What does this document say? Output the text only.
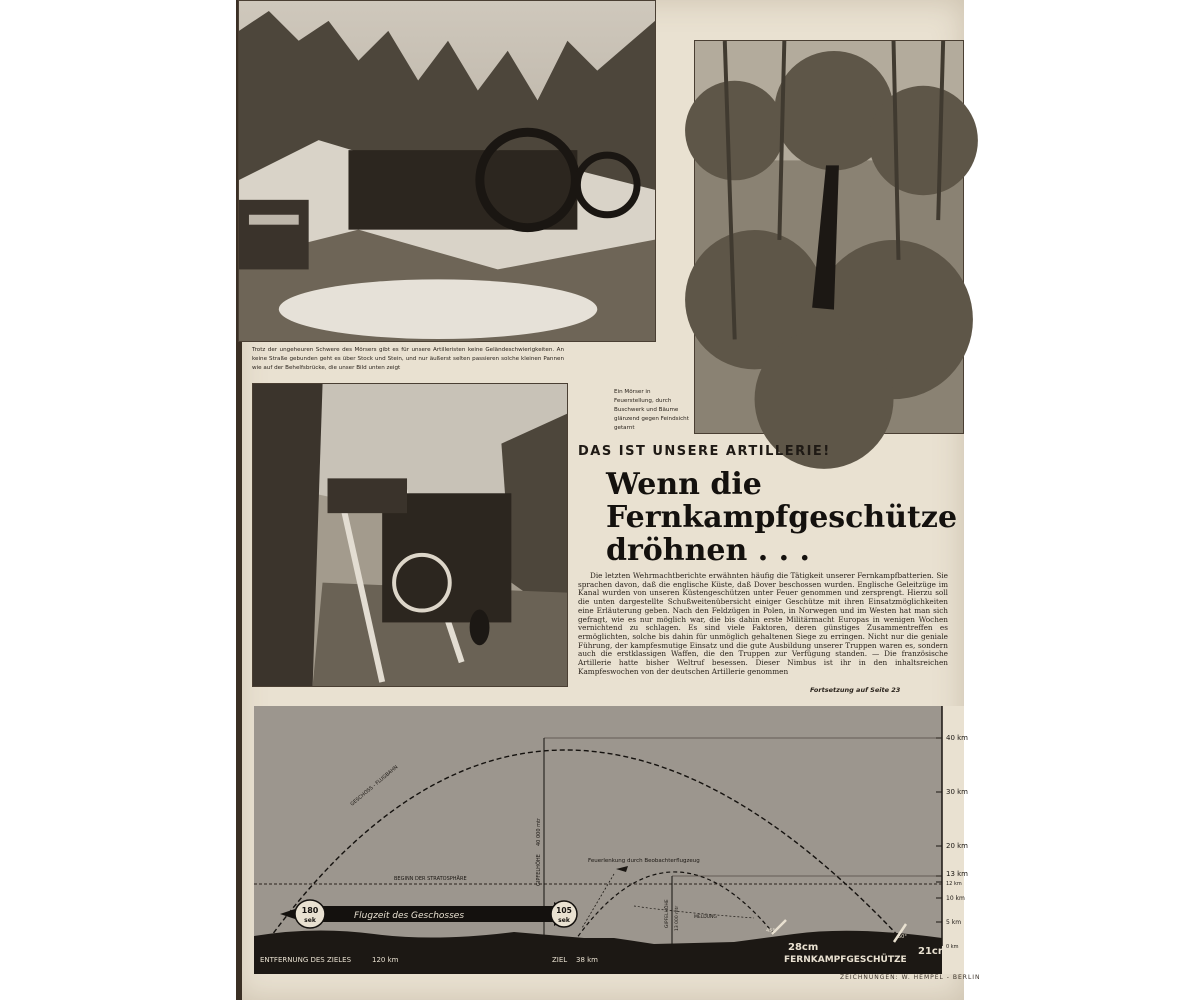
Trotz der ungeheuren Schwere des Mörsers gibt es für unsere Artilleristen keine Geländeschwierigkeiten. An keine Straße gebunden geht es über Stock und Stein, und nur äußerst selten passieren solche kleinen Pannen wie auf der Behelfsbrücke, die unser Bild unten zeigt
Ein Mörser in Feuerstellung, durch Buschwerk und Bäume glänzend gegen Feindsicht getarnt
DAS IST UNSERE ARTILLERIE!
Wenn die
Fernkampfgeschütze
dröhnen . . .
Die letzten Wehrmachtberichte erwähnten häufig die Tätigkeit unserer Fernkampfbatterien. Sie sprachen davon, daß die englische Küste, daß Dover beschossen wurden. Englische Geleitzüge im Kanal wurden von unseren Küstengeschützen unter Feuer genommen und zersprengt. Hierzu soll die unten dargestellte Schußweitenübersicht einiger Geschütze mit ihren Einsatzmöglichkeiten eine Erläuterung geben. Nach den Feldzügen in Polen, in Norwegen und im Westen hat man sich gefragt, wie es nur möglich war, die bis dahin erste Militärmacht Europas in wenigen Wochen vernichtend zu schlagen. Es sind viele Faktoren, deren günstiges Zusammentreffen es ermöglichten, solche bis dahin für unmöglich gehaltenen Siege zu erringen. Nicht nur die geniale Führung, der kampfesmutige Einsatz und die gute Ausbildung unserer Truppen waren es, sondern auch die erstklassigen Waffen, die den Truppen zur Verfügung standen. — Die französische Artillerie hatte bisher Weltruf besessen. Dieser Nimbus ist ihr in den inhaltsreichen Kampfeswochen von der deutschen Artillerie genommen
Fortsetzung auf Seite 23
40 km
30 km
20 km
13 km
12 km
10 km
5 km
0 km
BEGINN DER STRATOSPHÄRE
GESCHOSS - FLUGBAHN
40 000 mtr
GIPFELHÖHE
13 000 mtr
GIPFELHÖHE
Feuerlenkung durch Beobachterflugzeug
MELDUNG
Flugzeit des Geschosses
180
sek
105
sek
45°
50°
28cm	21cm
FERNKAMPFGESCHÜTZE
ENTFERNUNG DES ZIELES	120 km	ZIEL 38 km
ZEICHNUNGEN: W. HEMPEL - BERLIN
